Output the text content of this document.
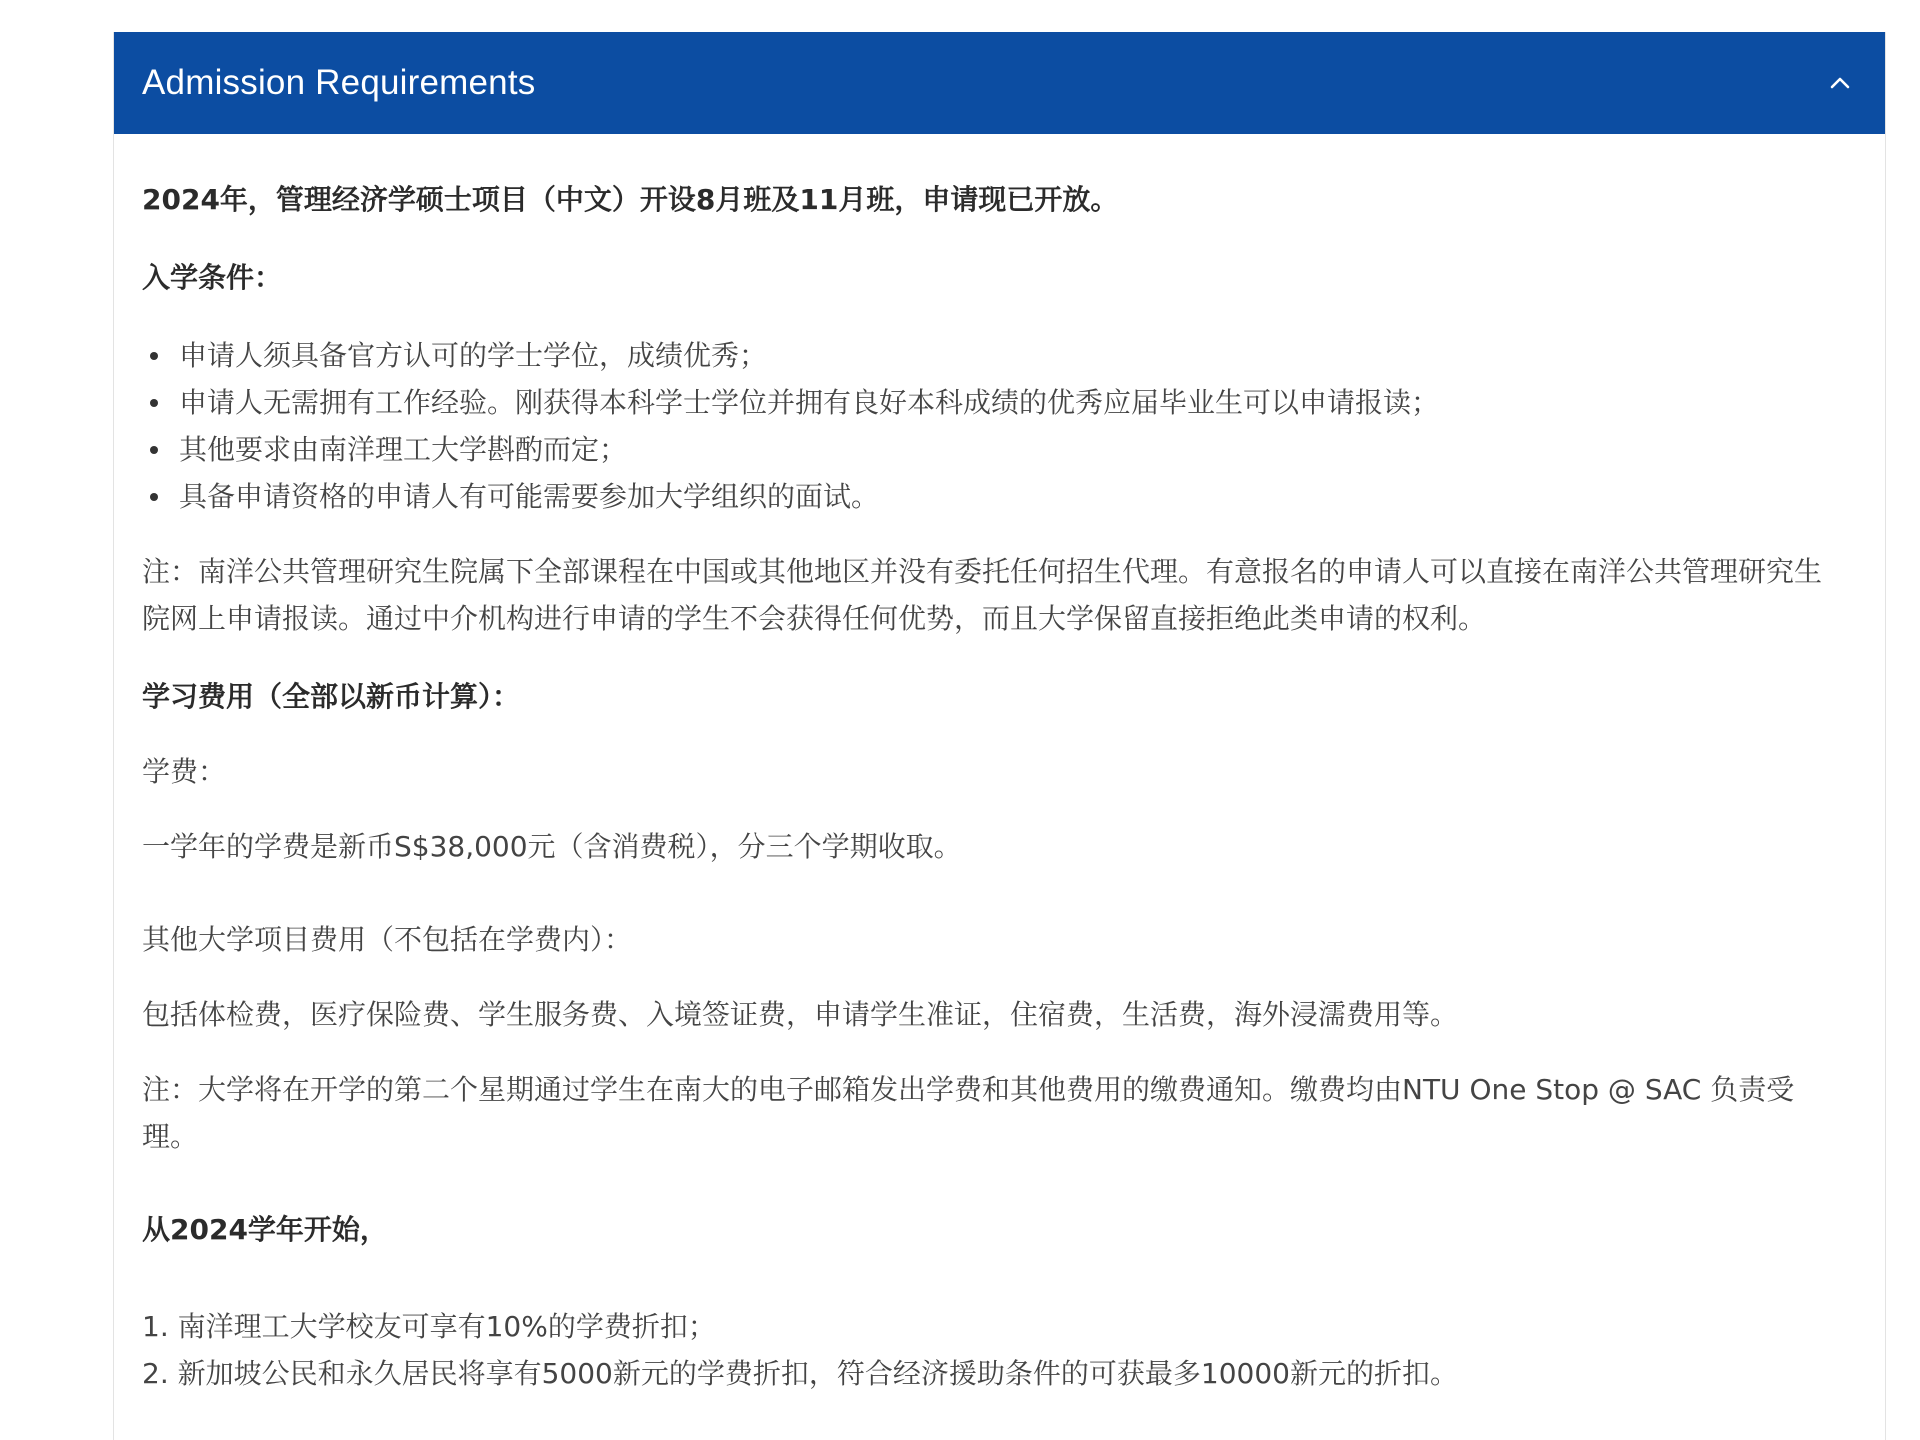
Admission Requirements

2024年，管理经济学硕士项目（中文）开设8月班及11月班，申请现已开放。

入学条件：

申请人须具备官方认可的学士学位，成绩优秀；
申请人无需拥有工作经验。刚获得本科学士学位并拥有良好本科成绩的优秀应届毕业生可以申请报读；
其他要求由南洋理工大学斟酌而定；
具备申请资格的申请人有可能需要参加大学组织的面试。

注：南洋公共管理研究生院属下全部课程在中国或其他地区并没有委托任何招生代理。有意报名的申请人可以直接在南洋公共管理研究生院网上申请报读。通过中介机构进行申请的学生不会获得任何优势，而且大学保留直接拒绝此类申请的权利。

学习费用（全部以新币计算）：

学费：

一学年的学费是新币S$38,000元（含消费税），分三个学期收取。

其他大学项目费用（不包括在学费内）：

包括体检费，医疗保险费、学生服务费、入境签证费，申请学生准证，住宿费，生活费，海外浸濡费用等。

注：大学将在开学的第二个星期通过学生在南大的电子邮箱发出学费和其他费用的缴费通知。缴费均由NTU One Stop @ SAC 负责受理。

从2024学年开始，

1. 南洋理工大学校友可享有10%的学费折扣；
2. 新加坡公民和永久居民将享有5000新元的学费折扣，符合经济援助条件的可获最多10000新元的折扣。
